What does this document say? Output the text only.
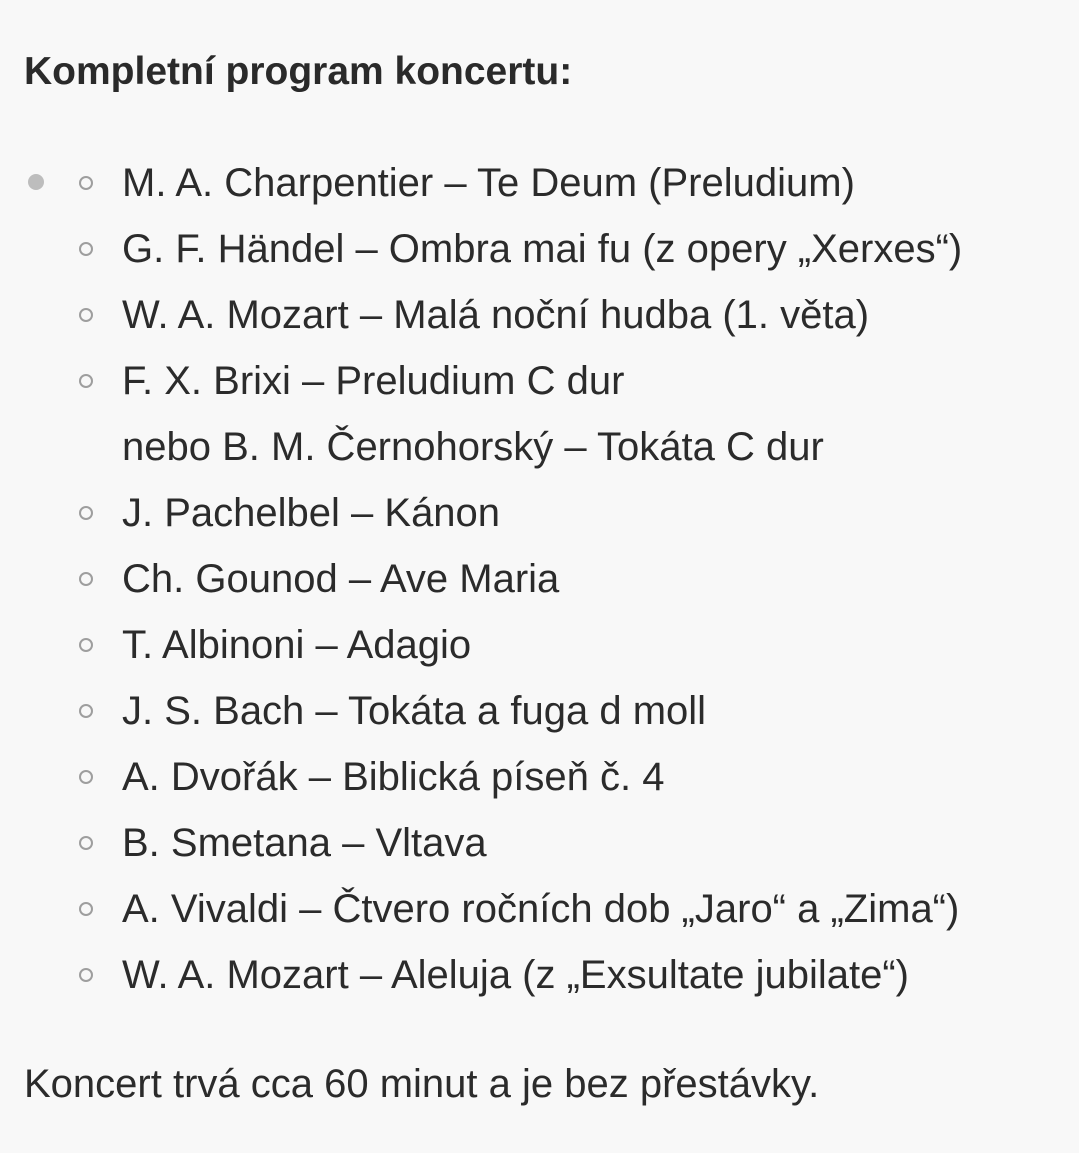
Kompletní program koncertu:
M. A. Charpentier – Te Deum (Preludium)
G. F. Händel – Ombra mai fu (z opery „Xerxes“)
W. A. Mozart – Malá noční hudba (1. věta)
F. X. Brixi – Preludium C dur
nebo B. M. Černohorský – Tokáta C dur
J. Pachelbel – Kánon
Ch. Gounod – Ave Maria
T. Albinoni – Adagio
J. S. Bach – Tokáta a fuga d moll
A. Dvořák – Biblická píseň č. 4
B. Smetana – Vltava
A. Vivaldi – Čtvero ročních dob „Jaro“ a „Zima“)
W. A. Mozart – Aleluja (z „Exsultate jubilate“)

Koncert trvá cca 60 minut a je bez přestávky.
